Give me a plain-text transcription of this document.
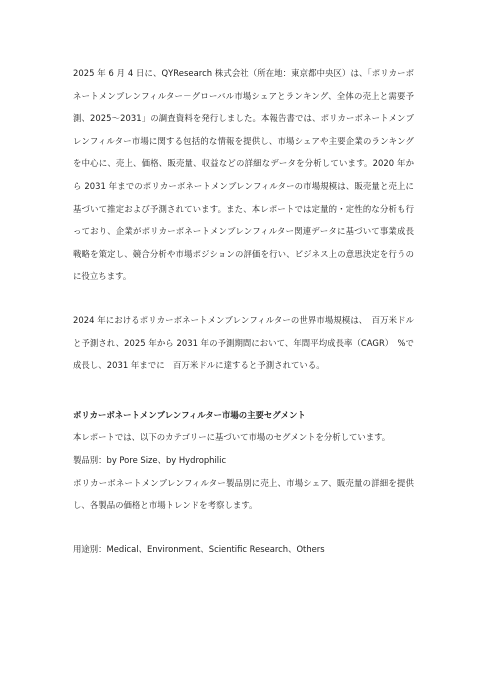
2025 年 6 月 4 日に、QYResearch 株式会社（所在地：東京都中央区）は、「ポリカーボネートメンブレンフィルター－グローバル市場シェアとランキング、全体の売上と需要予測、2025～2031」の調査資料を発行しました。本報告書では、ポリカーボネートメンブレンフィルター市場に関する包括的な情報を提供し、市場シェアや主要企業のランキングを中心に、売上、価格、販売量、収益などの詳細なデータを分析しています。2020 年から 2031 年までのポリカーボネートメンブレンフィルターの市場規模は、販売量と売上に基づいて推定および予測されています。また、本レポートでは定量的・定性的な分析も行っており、企業がポリカーボネートメンブレンフィルター関連データに基づいて事業成長戦略を策定し、競合分析や市場ポジションの評価を行い、ビジネス上の意思決定を行うのに役立ちます。

2024 年におけるポリカーボネートメンブレンフィルターの世界市場規模は、　百万米ドルと予測され、2025 年から 2031 年の予測期間において、年間平均成長率（CAGR）　%で成長し、2031 年までに　百万米ドルに達すると予測されている。

ポリカーボネートメンブレンフィルター市場の主要セグメント

本レポートでは、以下のカテゴリーに基づいて市場のセグメントを分析しています。

製品別：by Pore Size、by Hydrophilic

ポリカーボネートメンブレンフィルター製品別に売上、市場シェア、販売量の詳細を提供し、各製品の価格と市場トレンドを考察します。

用途別：Medical、Environment、Scientific Research、Others
